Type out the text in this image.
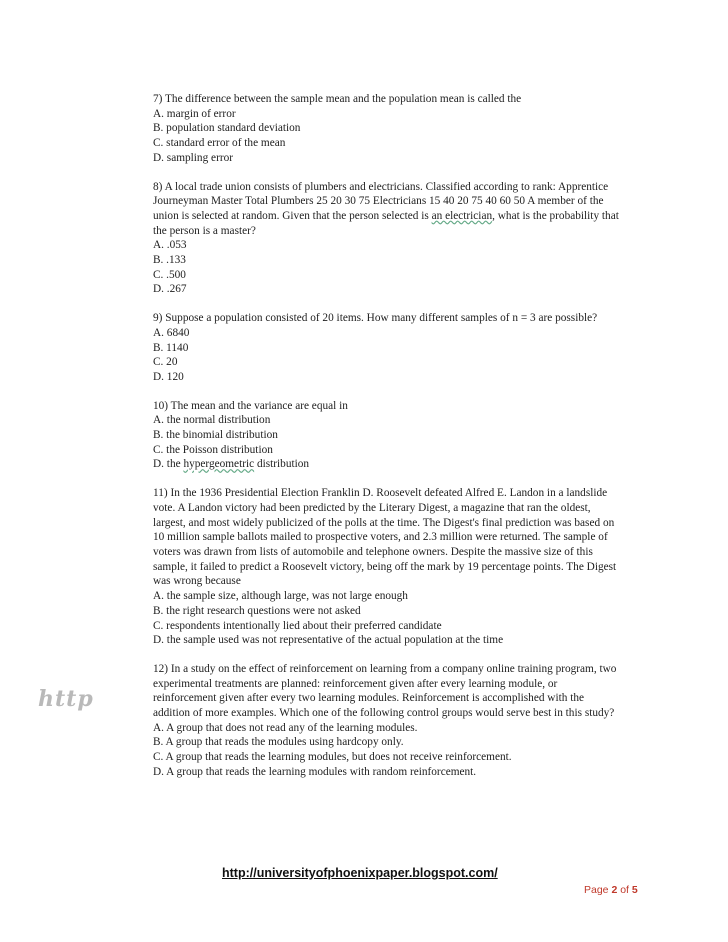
7) The difference between the sample mean and the population mean is called the

A. margin of error

B. population standard deviation

C. standard error of the mean

D. sampling error

8) A local trade union consists of plumbers and electricians. Classified according to rank: Apprentice Journeyman Master Total Plumbers 25 20 30 75 Electricians 15 40 20 75 40 60 50 A member of the union is selected at random. Given that the person selected is an electrician, what is the probability that the person is a master?

A. .053

B. .133

C. .500

D. .267

9) Suppose a population consisted of 20 items. How many different samples of n = 3 are possible?

A. 6840

B. 1140

C. 20

D. 120

10) The mean and the variance are equal in

A. the normal distribution

B. the binomial distribution

C. the Poisson distribution

D. the hypergeometric distribution

11) In the 1936 Presidential Election Franklin D. Roosevelt defeated Alfred E. Landon in a landslide vote. A Landon victory had been predicted by the Literary Digest, a magazine that ran the oldest, largest, and most widely publicized of the polls at the time. The Digest's final prediction was based on 10 million sample ballots mailed to prospective voters, and 2.3 million were returned. The sample of voters was drawn from lists of automobile and telephone owners. Despite the massive size of this sample, it failed to predict a Roosevelt victory, being off the mark by 19 percentage points. The Digest was wrong because

A. the sample size, although large, was not large enough

B. the right research questions were not asked

C. respondents intentionally lied about their preferred candidate

D. the sample used was not representative of the actual population at the time

12) In a study on the effect of reinforcement on learning from a company online training program, two experimental treatments are planned: reinforcement given after every learning module, or reinforcement given after every two learning modules. Reinforcement is accomplished with the addition of more examples. Which one of the following control groups would serve best in this study?

A. A group that does not read any of the learning modules.

B. A group that reads the modules using hardcopy only.

C. A group that reads the learning modules, but does not receive reinforcement.

D. A group that reads the learning modules with random reinforcement.

http
http://universityofphoenixpaper.blogspot.com/
Page 2 of 5
